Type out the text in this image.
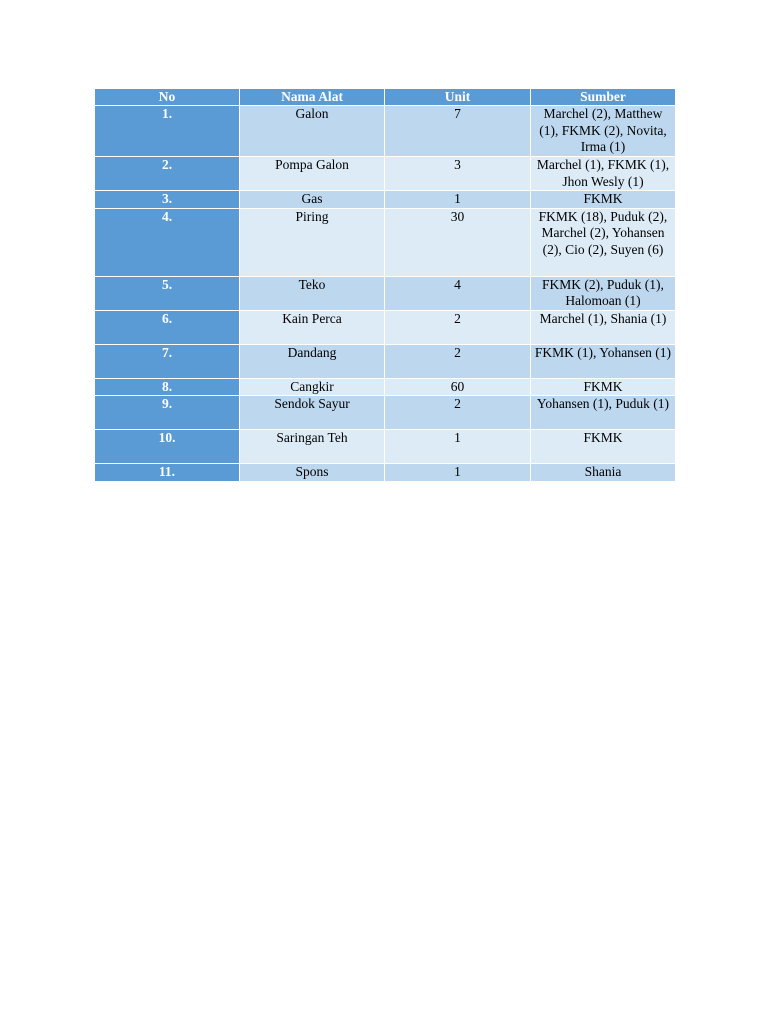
No	Nama Alat	Unit	Sumber
1.	Galon	7	Marchel (2), Matthew (1), FKMK (2), Novita, Irma (1)
2.	Pompa Galon	3	Marchel (1), FKMK (1), Jhon Wesly (1)
3.	Gas	1	FKMK
4.	Piring	30	FKMK (18), Puduk (2), Marchel (2), Yohansen (2), Cio (2), Suyen (6)
5.	Teko	4	FKMK (2), Puduk (1), Halomoan (1)
6.	Kain Perca	2	Marchel (1), Shania (1)
7.	Dandang	2	FKMK (1), Yohansen (1)
8.	Cangkir	60	FKMK
9.	Sendok Sayur	2	Yohansen (1), Puduk (1)
10.	Saringan Teh	1	FKMK
11.	Spons	1	Shania
